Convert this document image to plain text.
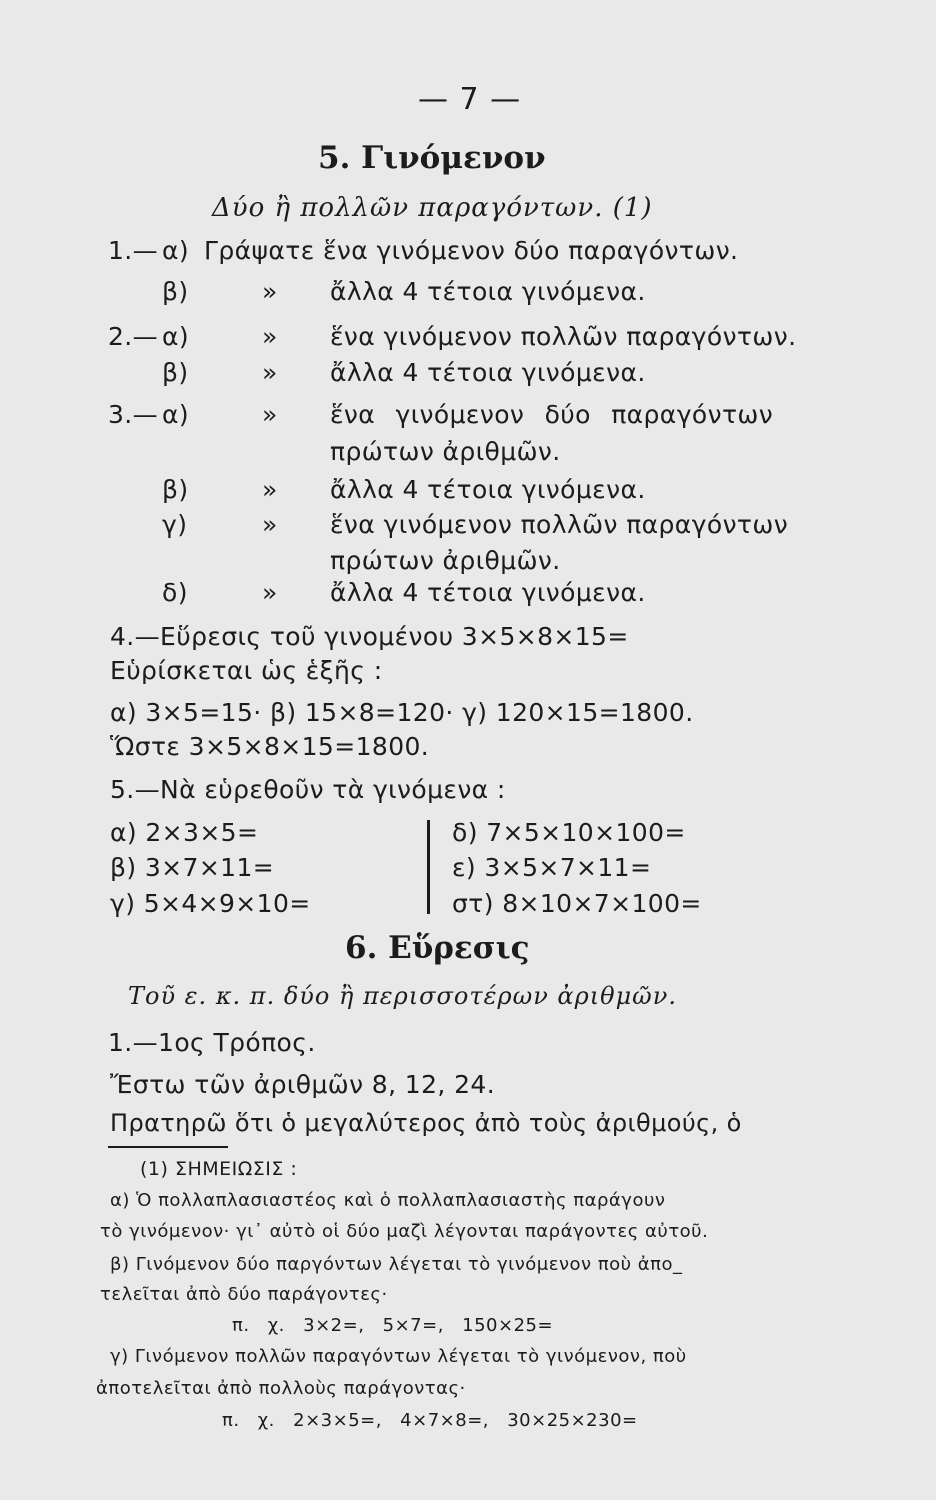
— 7 —
5. Γινόμενον
Δύο ἢ πολλῶν παραγόντων. (1)
1.— α) Γράψατε ἕνα γινόμενον δύο παραγόντων.
β)	» ἄλλα 4 τέτοια γινόμενα.
2.— α)	» ἕνα γινόμενον πολλῶν παραγόντων.
β)	» ἄλλα 4 τέτοια γινόμενα.
3.— α)	» ἕνα γινόμενον δύο παραγόντων
πρώτων ἀριθμῶν.
β)	» ἄλλα 4 τέτοια γινόμενα.
γ)	» ἕνα γινόμενον πολλῶν παραγόντων
πρώτων ἀριθμῶν.
δ)	» ἄλλα 4 τέτοια γινόμενα.
4.—Εὕρεσις τοῦ γινομένου 3×5×8×15=
Εὑρίσκεται ὡς ἑξῆς :
α) 3×5=15· β) 15×8=120· γ) 120×15=1800.
Ὥστε 3×5×8×15=1800.
5.—Νὰ εὑρεθοῦν τὰ γινόμενα :
α) 2×3×5=
β) 3×7×11=
γ) 5×4×9×10=
δ) 7×5×10×100=
ε) 3×5×7×11=
στ) 8×10×7×100=
6. Εὕρεσις
Τοῦ ε. κ. π. δύο ἢ περισσοτέρων ἀριθμῶν.
1.—1ος Τρόπος.
Ἔστω τῶν ἀριθμῶν 8, 12, 24.
Πρατηρῶ ὅτι ὁ μεγαλύτερος ἀπὸ τοὺς ἀριθμούς, ὁ
(1) ΣΗΜΕΙΩΣΙΣ :
α) Ὁ πολλαπλασιαστέος καὶ ὁ πολλαπλασιαστὴς παράγουν
τὸ γινόμενον· γι᾽ αὐτὸ οἱ δύο μαζὶ λέγονται παράγοντες αὐτοῦ.
β) Γινόμενον δύο παργόντων λέγεται τὸ γινόμενον ποὺ ἀπο_
τελεῖται ἀπὸ δύο παράγοντες·
π. χ. 3×2=, 5×7=, 150×25=
γ) Γινόμενον πολλῶν παραγόντων λέγεται τὸ γινόμενον, ποὺ
ἀποτελεῖται ἀπὸ πολλοὺς παράγοντας·
π. χ. 2×3×5=, 4×7×8=, 30×25×230=
